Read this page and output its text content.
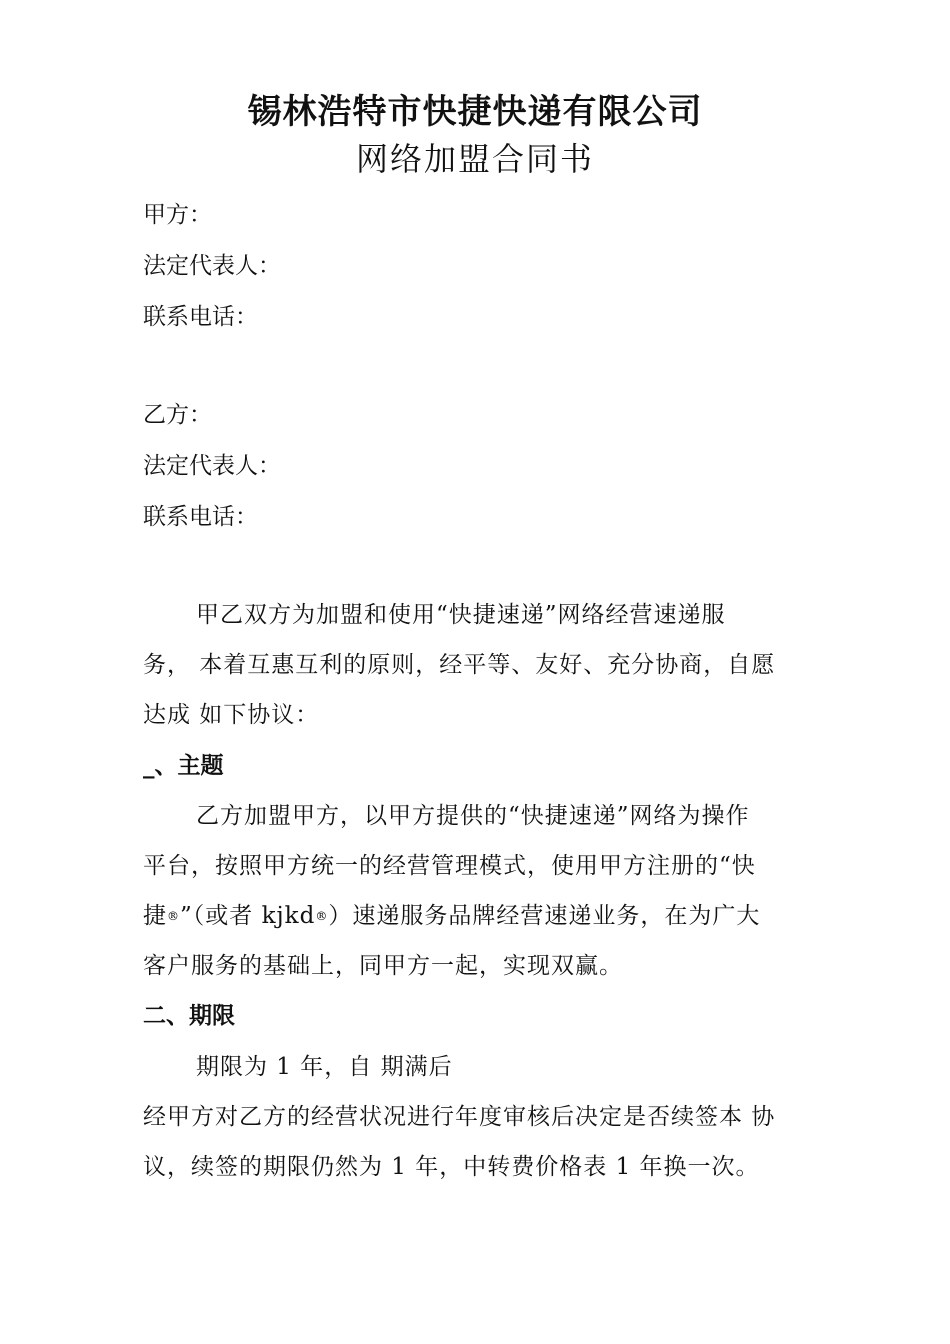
锡林浩特市快捷快递有限公司
网络加盟合同书
甲方：
法定代表人：
联系电话：
乙方：
法定代表人：
联系电话：
甲乙双方为加盟和使用“快捷速递”网络经营速递服
务， 本着互惠互利的原则，经平等、友好、充分协商，自愿
达成 如下协议：
_、主题
乙方加盟甲方，以甲方提供的“快捷速递”网络为操作
平台，按照甲方统一的经营管理模式，使用甲方注册的“快
捷®”（或者 kjkd®）速递服务品牌经营速递业务，在为广大
客户服务的基础上，同甲方一起，实现双赢。
二、期限
期限为 1 年，自 期满后
经甲方对乙方的经营状况进行年度审核后决定是否续签本 协
议，续签的期限仍然为 1 年，中转费价格表 1 年换一次。
